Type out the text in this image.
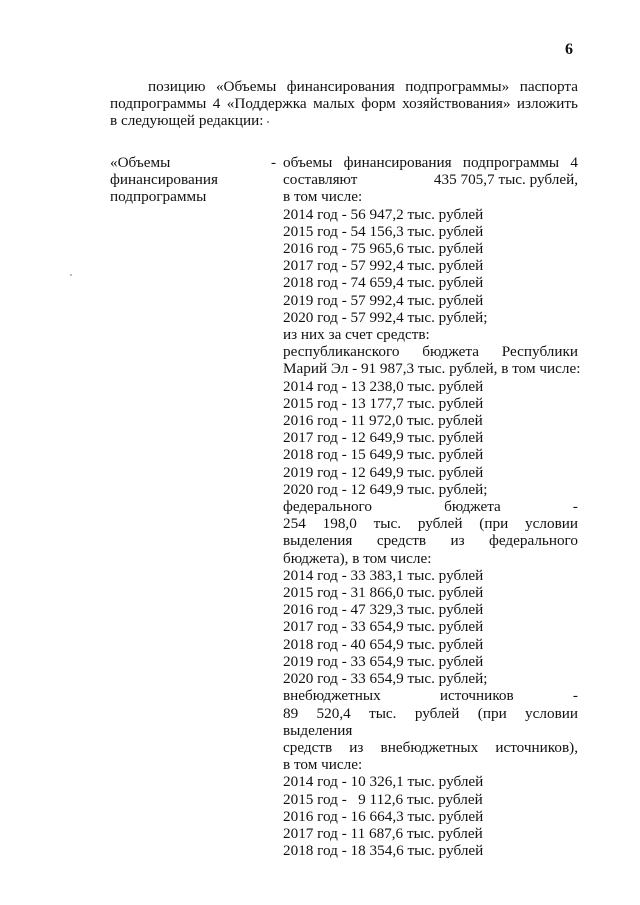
6
позицию «Объемы финансирования подпрограммы» паспорта
подпрограммы 4 «Поддержка малых форм хозяйствования» изложить
в следующей редакции:
«Объемы
финансирования
подпрограммы
- объемы финансирования подпрограммы 4
составляют	435 705,7 тыс. рублей,
в том числе:
2014 год - 56 947,2 тыс. рублей
2015 год - 54 156,3 тыс. рублей
2016 год - 75 965,6 тыс. рублей
2017 год - 57 992,4 тыс. рублей
2018 год - 74 659,4 тыс. рублей
2019 год - 57 992,4 тыс. рублей
2020 год - 57 992,4 тыс. рублей;
из них за счет средств:
республиканского бюджета Республики
Марий Эл - 91 987,3 тыс. рублей, в том числе:
2014 год - 13 238,0 тыс. рублей
2015 год - 13 177,7 тыс. рублей
2016 год - 11 972,0 тыс. рублей
2017 год - 12 649,9 тыс. рублей
2018 год - 15 649,9 тыс. рублей
2019 год - 12 649,9 тыс. рублей
2020 год - 12 649,9 тыс. рублей;
федерального бюджета -
254 198,0 тыс. рублей (при условии
выделения средств из федерального
бюджета), в том числе:
2014 год - 33 383,1 тыс. рублей
2015 год - 31 866,0 тыс. рублей
2016 год - 47 329,3 тыс. рублей
2017 год - 33 654,9 тыс. рублей
2018 год - 40 654,9 тыс. рублей
2019 год - 33 654,9 тыс. рублей
2020 год - 33 654,9 тыс. рублей;
внебюджетных источников -
89 520,4 тыс. рублей (при условии выделения
средств из внебюджетных источников),
в том числе:
2014 год - 10 326,1 тыс. рублей
2015 год -   9 112,6 тыс. рублей
2016 год - 16 664,3 тыс. рублей
2017 год - 11 687,6 тыс. рублей
2018 год - 18 354,6 тыс. рублей
